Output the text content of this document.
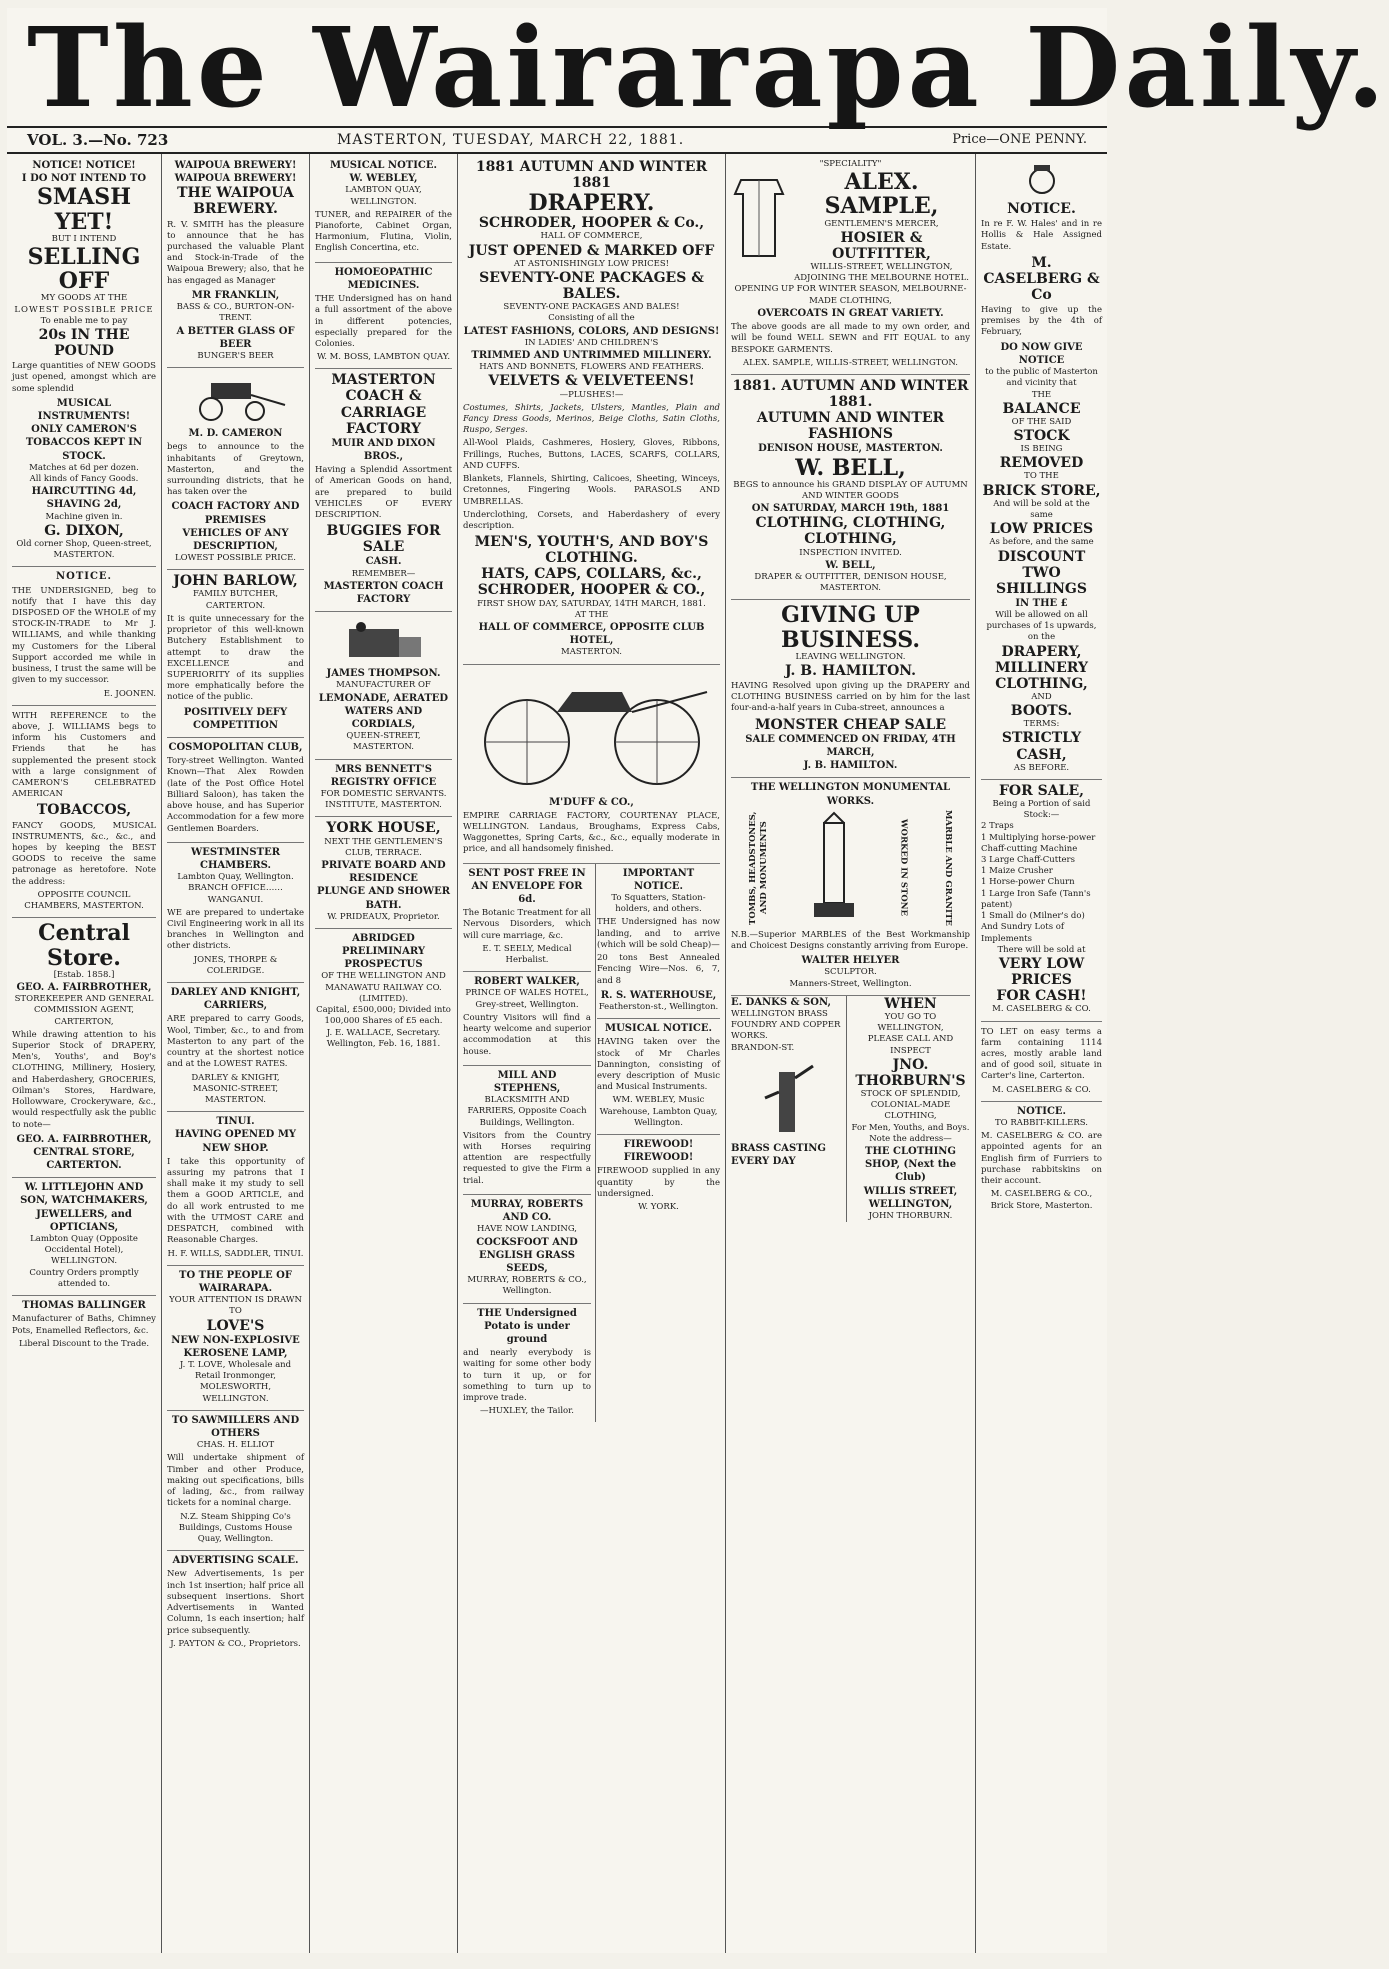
The Wairarapa Daily.
VOL. 3.—No. 723	MASTERTON, TUESDAY, MARCH 22, 1881.	Price—ONE PENNY.
NOTICE! NOTICE!
I DO NOT INTEND TO
SMASH YET!
BUT I INTEND
SELLING OFF
MY GOODS AT THE
LOWEST POSSIBLE PRICE
To enable me to pay
20s IN THE POUND

Large quantities of NEW GOODS just opened, amongst which are some splendid

MUSICAL INSTRUMENTS!
ONLY CAMERON'S TOBACCOS KEPT IN STOCK.
Matches at 6d per dozen.
All kinds of Fancy Goods.
HAIRCUTTING 4d, SHAVING 2d,
Machine given in.
G. DIXON,
Old corner Shop, Queen-street, MASTERTON.
NOTICE.

THE UNDERSIGNED, beg to notify that I have this day DISPOSED OF the WHOLE of my STOCK-IN-TRADE to Mr J. WILLIAMS, and while thanking my Customers for the Liberal Support accorded me while in business, I trust the same will be given to my successor.

E. JOONEN.

WITH REFERENCE to the above, J. WILLIAMS begs to inform his Customers and Friends that he has supplemented the present stock with a large consignment of CAMERON'S CELEBRATED AMERICAN

TOBACCOS,

FANCY GOODS, MUSICAL INSTRUMENTS, &c., &c., and hopes by keeping the BEST GOODS to receive the same patronage as heretofore. Note the address:

OPPOSITE COUNCIL CHAMBERS, MASTERTON.
Central Store.
[Estab. 1858.]
GEO. A. FAIRBROTHER,
STOREKEEPER AND GENERAL COMMISSION AGENT,
CARTERTON,

While drawing attention to his Superior Stock of DRAPERY, Men's, Youths', and Boy's CLOTHING, Millinery, Hosiery, and Haberdashery, GROCERIES, Oilman's Stores, Hardware, Hollowware, Crockeryware, &c., would respectfully ask the public to note—

GEO. A. FAIRBROTHER, CENTRAL STORE, CARTERTON.
W. LITTLEJOHN AND SON, WATCHMAKERS, JEWELLERS, and OPTICIANS,
Lambton Quay (Opposite Occidental Hotel), WELLINGTON.
Country Orders promptly attended to.
THOMAS BALLINGER

Manufacturer of Baths, Chimney Pots, Enamelled Reflectors, &c.

Liberal Discount to the Trade.
WAIPOUA BREWERY! WAIPOUA BREWERY!
THE WAIPOUA BREWERY.

R. V. SMITH has the pleasure to announce that he has purchased the valuable Plant and Stock-in-Trade of the Waipoua Brewery; also, that he has engaged as Manager

MR FRANKLIN,
BASS & CO., BURTON-ON-TRENT.
A BETTER GLASS OF BEER
BUNGER'S BEER
M. D. CAMERON

begs to announce to the inhabitants of Greytown, Masterton, and the surrounding districts, that he has taken over the

COACH FACTORY AND PREMISES
VEHICLES OF ANY DESCRIPTION,
LOWEST POSSIBLE PRICE.
JOHN BARLOW,
FAMILY BUTCHER, CARTERTON.

It is quite unnecessary for the proprietor of this well-known Butchery Establishment to attempt to draw the EXCELLENCE and SUPERIORITY of its supplies more emphatically before the notice of the public.

POSITIVELY DEFY COMPETITION
COSMOPOLITAN CLUB,

Tory-street Wellington. Wanted Known—That Alex Rowden (late of the Post Office Hotel Billiard Saloon), has taken the above house, and has Superior Accommodation for a few more Gentlemen Boarders.

WESTMINSTER CHAMBERS.
Lambton Quay, Wellington.
BRANCH OFFICE……WANGANUI.

WE are prepared to undertake Civil Engineering work in all its branches in Wellington and other districts.

JONES, THORPE & COLERIDGE.
DARLEY AND KNIGHT,
CARRIERS,

ARE prepared to carry Goods, Wool, Timber, &c., to and from Masterton to any part of the country at the shortest notice and at the LOWEST RATES.

DARLEY & KNIGHT, MASONIC-STREET, MASTERTON.
TINUI.
HAVING OPENED MY NEW SHOP.

I take this opportunity of assuring my patrons that I shall make it my study to sell them a GOOD ARTICLE, and do all work entrusted to me with the UTMOST CARE and DESPATCH, combined with Reasonable Charges.

H. F. WILLS, SADDLER, TINUI.
TO THE PEOPLE OF WAIRARAPA.
YOUR ATTENTION IS DRAWN TO
LOVE'S
NEW NON-EXPLOSIVE KEROSENE LAMP,
J. T. LOVE, Wholesale and Retail Ironmonger, MOLESWORTH, WELLINGTON.
TO SAWMILLERS AND OTHERS
CHAS. H. ELLIOT

Will undertake shipment of Timber and other Produce, making out specifications, bills of lading, &c., from railway tickets for a nominal charge.

N.Z. Steam Shipping Co's Buildings, Customs House Quay, Wellington.
ADVERTISING SCALE.

New Advertisements, 1s per inch 1st insertion; half price all subsequent insertions. Short Advertisements in Wanted Column, 1s each insertion; half price subsequently.

J. PAYTON & CO., Proprietors.
MUSICAL NOTICE.
W. WEBLEY,
LAMBTON QUAY, WELLINGTON.

TUNER, and REPAIRER of the Pianoforte, Cabinet Organ, Harmonium, Flutina, Violin, English Concertina, etc.

HOMOEOPATHIC MEDICINES.

THE Undersigned has on hand a full assortment of the above in different potencies, especially prepared for the Colonies.

W. M. BOSS, LAMBTON QUAY.
MASTERTON COACH & CARRIAGE FACTORY
MUIR AND DIXON BROS.,

Having a Splendid Assortment of American Goods on hand, are prepared to build VEHICLES OF EVERY DESCRIPTION.

BUGGIES FOR SALE
CASH.
REMEMBER—
MASTERTON COACH FACTORY
JAMES THOMPSON.
MANUFACTURER OF
LEMONADE, AERATED WATERS AND CORDIALS,
QUEEN-STREET, MASTERTON.
MRS BENNETT'S REGISTRY OFFICE
FOR DOMESTIC SERVANTS.
INSTITUTE, MASTERTON.
YORK HOUSE,
NEXT THE GENTLEMEN'S CLUB, TERRACE.
PRIVATE BOARD AND RESIDENCE
PLUNGE AND SHOWER BATH.
W. PRIDEAUX, Proprietor.
ABRIDGED PRELIMINARY PROSPECTUS
OF THE WELLINGTON AND MANAWATU RAILWAY CO. (LIMITED).
Capital, £500,000; Divided into 100,000 Shares of £5 each.
J. E. WALLACE, Secretary.
Wellington, Feb. 16, 1881.
1881 AUTUMN AND WINTER 1881
DRAPERY.
SCHRODER, HOOPER & Co.,
HALL OF COMMERCE,
JUST OPENED & MARKED OFF
AT ASTONISHINGLY LOW PRICES!
SEVENTY-ONE PACKAGES & BALES.
SEVENTY-ONE PACKAGES AND BALES!
Consisting of all the
LATEST FASHIONS, COLORS, AND DESIGNS!
IN LADIES' AND CHILDREN'S
TRIMMED AND UNTRIMMED MILLINERY.
HATS AND BONNETS, FLOWERS AND FEATHERS.
VELVETS & VELVETEENS!
—PLUSHES!—

Costumes, Shirts, Jackets, Ulsters, Mantles, Plain and Fancy Dress Goods, Merinos, Beige Cloths, Satin Cloths, Ruspo, Serges.

All-Wool Plaids, Cashmeres, Hosiery, Gloves, Ribbons, Frillings, Ruches, Buttons, LACES, SCARFS, COLLARS, AND CUFFS.

Blankets, Flannels, Shirting, Calicoes, Sheeting, Winceys, Cretonnes, Fingering Wools. PARASOLS AND UMBRELLAS.

Underclothing, Corsets, and Haberdashery of every description.

MEN'S, YOUTH'S, AND BOY'S CLOTHING.
HATS, CAPS, COLLARS, &c.,
SCHRODER, HOOPER & CO.,
FIRST SHOW DAY, SATURDAY, 14TH MARCH, 1881.
AT THE
HALL OF COMMERCE, OPPOSITE CLUB HOTEL,
MASTERTON.
M'DUFF & CO.,

EMPIRE CARRIAGE FACTORY, COURTENAY PLACE, WELLINGTON. Landaus, Broughams, Express Cabs, Waggonettes, Spring Carts, &c., &c., equally moderate in price, and all handsomely finished.

SENT POST FREE IN AN ENVELOPE FOR 6d.

The Botanic Treatment for all Nervous Disorders, which will cure marriage, &c.

E. T. SEELY, Medical Herbalist.
ROBERT WALKER,
PRINCE OF WALES HOTEL,
Grey-street, Wellington.

Country Visitors will find a hearty welcome and superior accommodation at this house.

MILL AND STEPHENS,
BLACKSMITH AND FARRIERS, Opposite Coach Buildings, Wellington.

Visitors from the Country with Horses requiring attention are respectfully requested to give the Firm a trial.

MURRAY, ROBERTS AND CO.
HAVE NOW LANDING,
COCKSFOOT AND ENGLISH GRASS SEEDS,
MURRAY, ROBERTS & CO., Wellington.
THE Undersigned Potato is under ground

and nearly everybody is waiting for some other body to turn it up, or for something to turn up to improve trade.

—HUXLEY, the Tailor.
IMPORTANT NOTICE.
To Squatters, Station-holders, and others.

THE Undersigned has now landing, and to arrive (which will be sold Cheap)—

20 tons Best Annealed Fencing Wire—Nos. 6, 7, and 8

R. S. WATERHOUSE,
Featherston-st., Wellington.
MUSICAL NOTICE.

HAVING taken over the stock of Mr Charles Dannington, consisting of every description of Music and Musical Instruments.

WM. WEBLEY, Music Warehouse, Lambton Quay, Wellington.
FIREWOOD! FIREWOOD!

FIREWOOD supplied in any quantity by the undersigned.

W. YORK.
"SPECIALITY"
ALEX. SAMPLE,
GENTLEMEN'S MERCER,
HOSIER & OUTFITTER,
WILLIS-STREET, WELLINGTON,
ADJOINING THE MELBOURNE HOTEL.
OPENING UP FOR WINTER SEASON, MELBOURNE-MADE CLOTHING,
OVERCOATS IN GREAT VARIETY.

The above goods are all made to my own order, and will be found WELL SEWN and FIT EQUAL to any BESPOKE GARMENTS.

ALEX. SAMPLE, WILLIS-STREET, WELLINGTON.
1881. AUTUMN AND WINTER 1881.
AUTUMN AND WINTER FASHIONS
DENISON HOUSE, MASTERTON.
W. BELL,
BEGS to announce his GRAND DISPLAY OF AUTUMN AND WINTER GOODS
ON SATURDAY, MARCH 19th, 1881
CLOTHING, CLOTHING, CLOTHING,
INSPECTION INVITED.
W. BELL,
DRAPER & OUTFITTER, DENISON HOUSE, MASTERTON.
GIVING UP BUSINESS.
LEAVING WELLINGTON.
J. B. HAMILTON.

HAVING Resolved upon giving up the DRAPERY and CLOTHING BUSINESS carried on by him for the last four-and-a-half years in Cuba-street, announces a

MONSTER CHEAP SALE
SALE COMMENCED ON FRIDAY, 4TH MARCH,
J. B. HAMILTON.
THE WELLINGTON MONUMENTAL WORKS.
TOMBS, HEADSTONES, AND MONUMENTS	WORKED IN STONE	MARBLE AND GRANITE

N.B.—Superior MARBLES of the Best Workmanship and Choicest Designs constantly arriving from Europe.

WALTER HELYER
SCULPTOR.
Manners-Street, Wellington.
E. DANKS & SON,
WELLINGTON BRASS FOUNDRY AND COPPER WORKS.
BRANDON-ST.
BRASS CASTING EVERY DAY
WHEN
YOU GO TO WELLINGTON,
PLEASE CALL AND INSPECT
JNO. THORBURN'S
STOCK OF SPLENDID, COLONIAL-MADE CLOTHING,
For Men, Youths, and Boys.
Note the address—
THE CLOTHING SHOP, (Next the Club)
WILLIS STREET, WELLINGTON,
JOHN THORBURN.
NOTICE.

In re F. W. Hales' and in re Hollis & Hale Assigned Estate.

M. CASELBERG & Co

Having to give up the premises by the 4th of February,

DO NOW GIVE NOTICE
to the public of Masterton and vicinity that
THE
BALANCE
OF THE SAID
STOCK
IS BEING
REMOVED
TO THE
BRICK STORE,
And will be sold at the same
LOW PRICES
As before, and the same
DISCOUNT
TWO SHILLINGS
IN THE £
Will be allowed on all purchases of 1s upwards, on the
DRAPERY,
MILLINERY
CLOTHING,
AND
BOOTS.
TERMS:
STRICTLY CASH,
AS BEFORE.
FOR SALE,
Being a Portion of said Stock:—
2 Traps
1 Multiplying horse-power Chaff-cutting Machine
3 Large Chaff-Cutters
1 Maize Crusher
1 Horse-power Churn
1 Large Iron Safe (Tann's patent)
1 Small do (Milner's do)
And Sundry Lots of Implements
There will be sold at
VERY LOW PRICES
FOR CASH!
M. CASELBERG & CO.

TO LET on easy terms a farm containing 1114 acres, mostly arable land and of good soil, situate in Carter's line, Carterton.

M. CASELBERG & CO.
NOTICE.
TO RABBIT-KILLERS.

M. CASELBERG & CO. are appointed agents for an English firm of Furriers to purchase rabbitskins on their account.

M. CASELBERG & CO., Brick Store, Masterton.
